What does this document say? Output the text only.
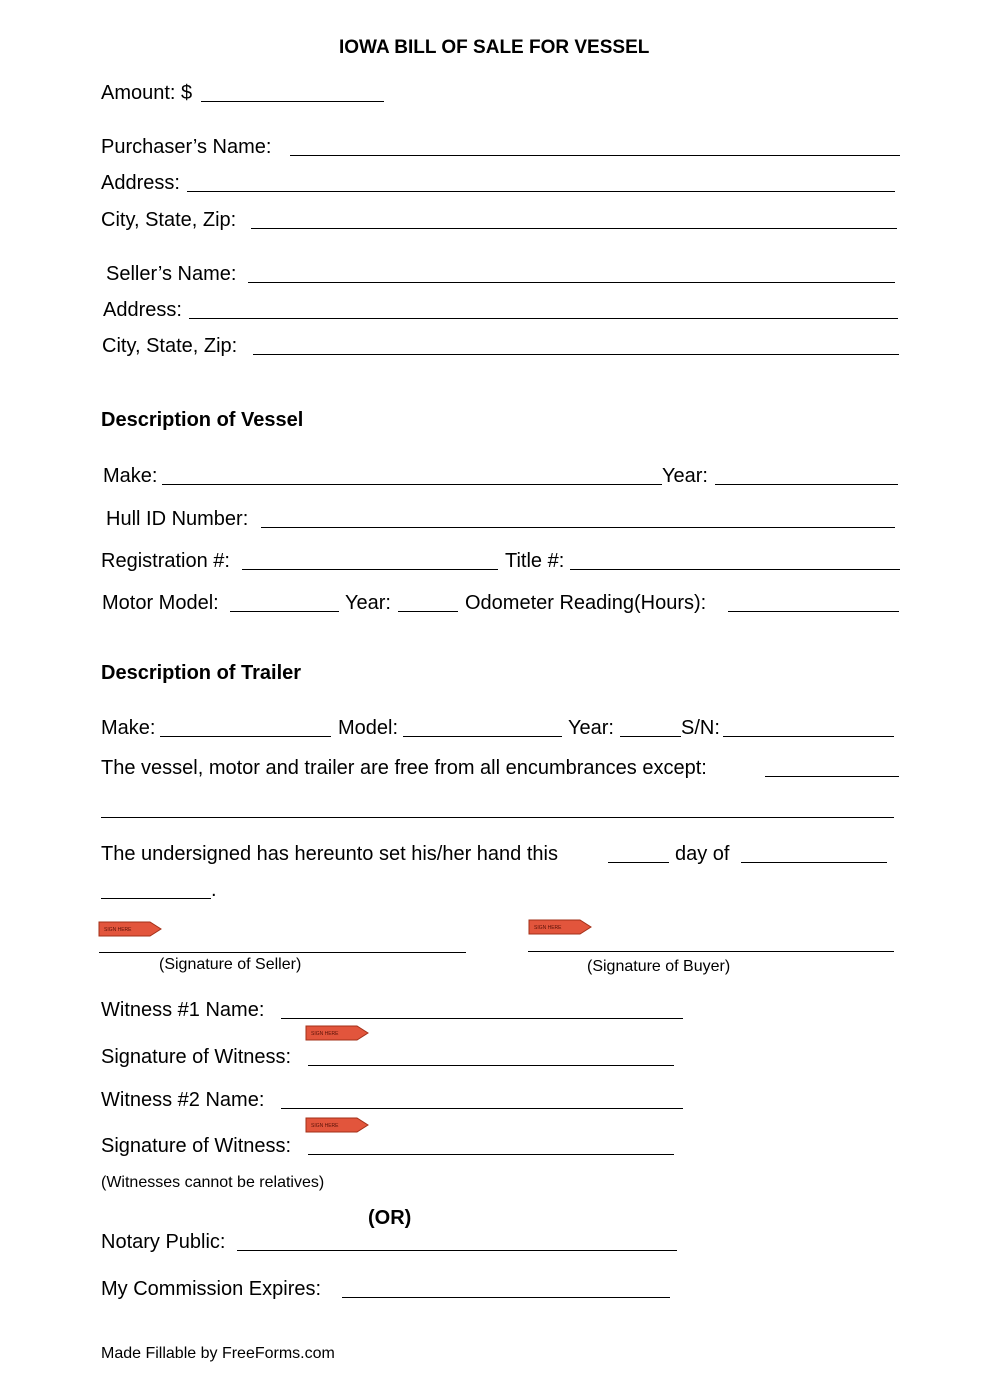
IOWA BILL OF SALE FOR VESSEL
Amount: $
Purchaser’s Name:
Address:
City, State, Zip:
Seller’s Name:
Address:
City, State, Zip:
Description of Vessel
Make:	Year:
Hull ID Number:
Registration #:	Title #:
Motor Model:	Year:	Odometer Reading(Hours):
Description of Trailer
Make:	Model:	Year:	S/N:
The vessel, motor and trailer are free from all encumbrances except:
The undersigned has hereunto set his/her hand this	day of
.
SIGN HERE
(Signature of Seller)
SIGN HERE
(Signature of Buyer)
Witness #1 Name:
SIGN HERE
Signature of Witness:
Witness #2 Name:
SIGN HERE
Signature of Witness:
(Witnesses cannot be relatives)
(OR)
Notary Public:
My Commission Expires:
Made Fillable by FreeForms.com
